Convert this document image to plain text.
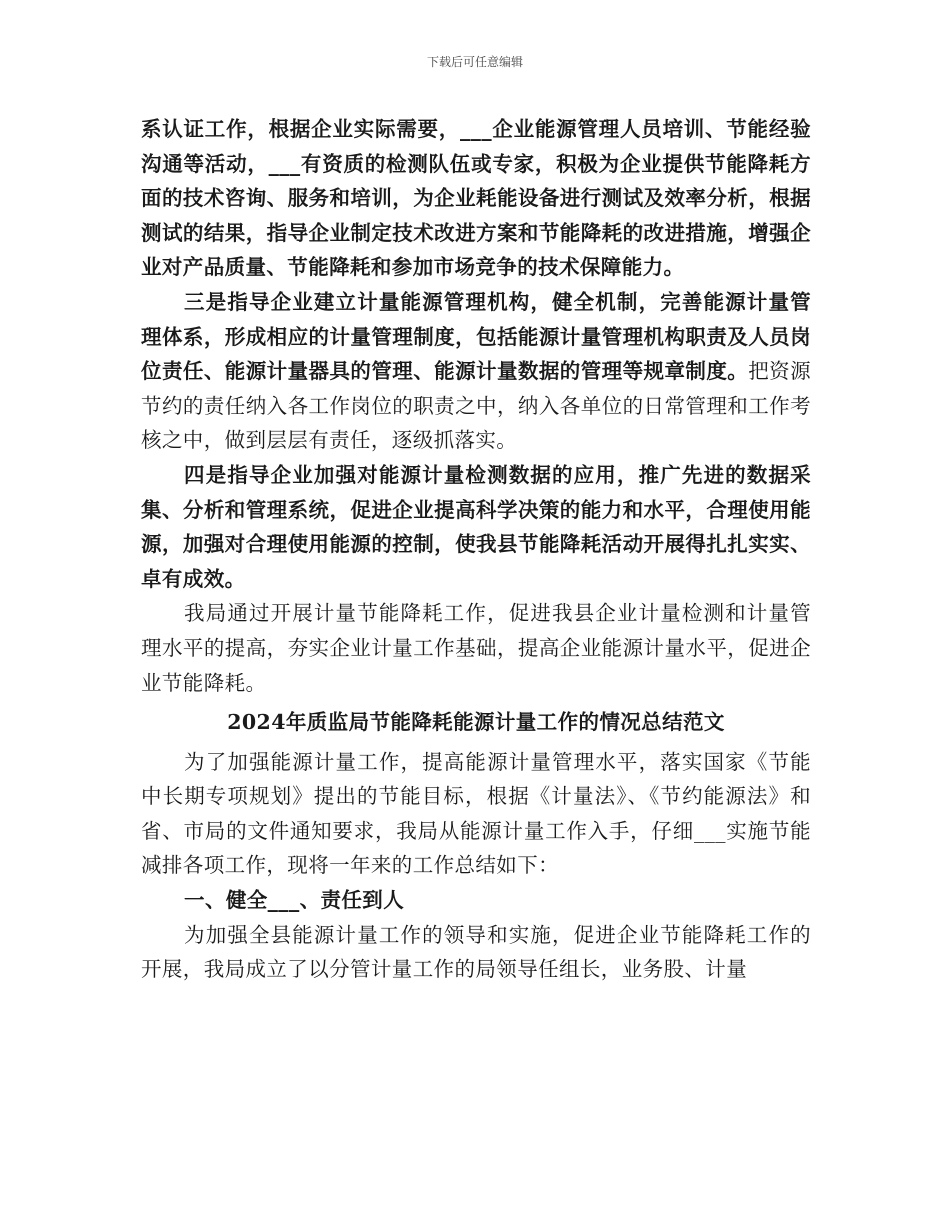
下载后可任意编辑

系认证工作，根据企业实际需要，___企业能源管理人员培训、节能经验沟通等活动，___有资质的检测队伍或专家，积极为企业提供节能降耗方面的技术咨询、服务和培训，为企业耗能设备进行测试及效率分析，根据测试的结果，指导企业制定技术改进方案和节能降耗的改进措施，增强企业对产品质量、节能降耗和参加市场竞争的技术保障能力。

三是指导企业建立计量能源管理机构，健全机制，完善能源计量管理体系，形成相应的计量管理制度，包括能源计量管理机构职责及人员岗位责任、能源计量器具的管理、能源计量数据的管理等规章制度。把资源节约的责任纳入各工作岗位的职责之中，纳入各单位的日常管理和工作考核之中，做到层层有责任，逐级抓落实。

四是指导企业加强对能源计量检测数据的应用，推广先进的数据采集、分析和管理系统，促进企业提高科学决策的能力和水平，合理使用能源，加强对合理使用能源的控制，使我县节能降耗活动开展得扎扎实实、卓有成效。

我局通过开展计量节能降耗工作，促进我县企业计量检测和计量管理水平的提高，夯实企业计量工作基础，提高企业能源计量水平，促进企业节能降耗。

2024年质监局节能降耗能源计量工作的情况总结范文

为了加强能源计量工作，提高能源计量管理水平，落实国家《节能中长期专项规划》提出的节能目标，根据《计量法》、《节约能源法》和省、市局的文件通知要求，我局从能源计量工作入手，仔细___实施节能减排各项工作，现将一年来的工作总结如下：

一、健全___、责任到人

为加强全县能源计量工作的领导和实施，促进企业节能降耗工作的开展，我局成立了以分管计量工作的局领导任组长，业务股、计量
